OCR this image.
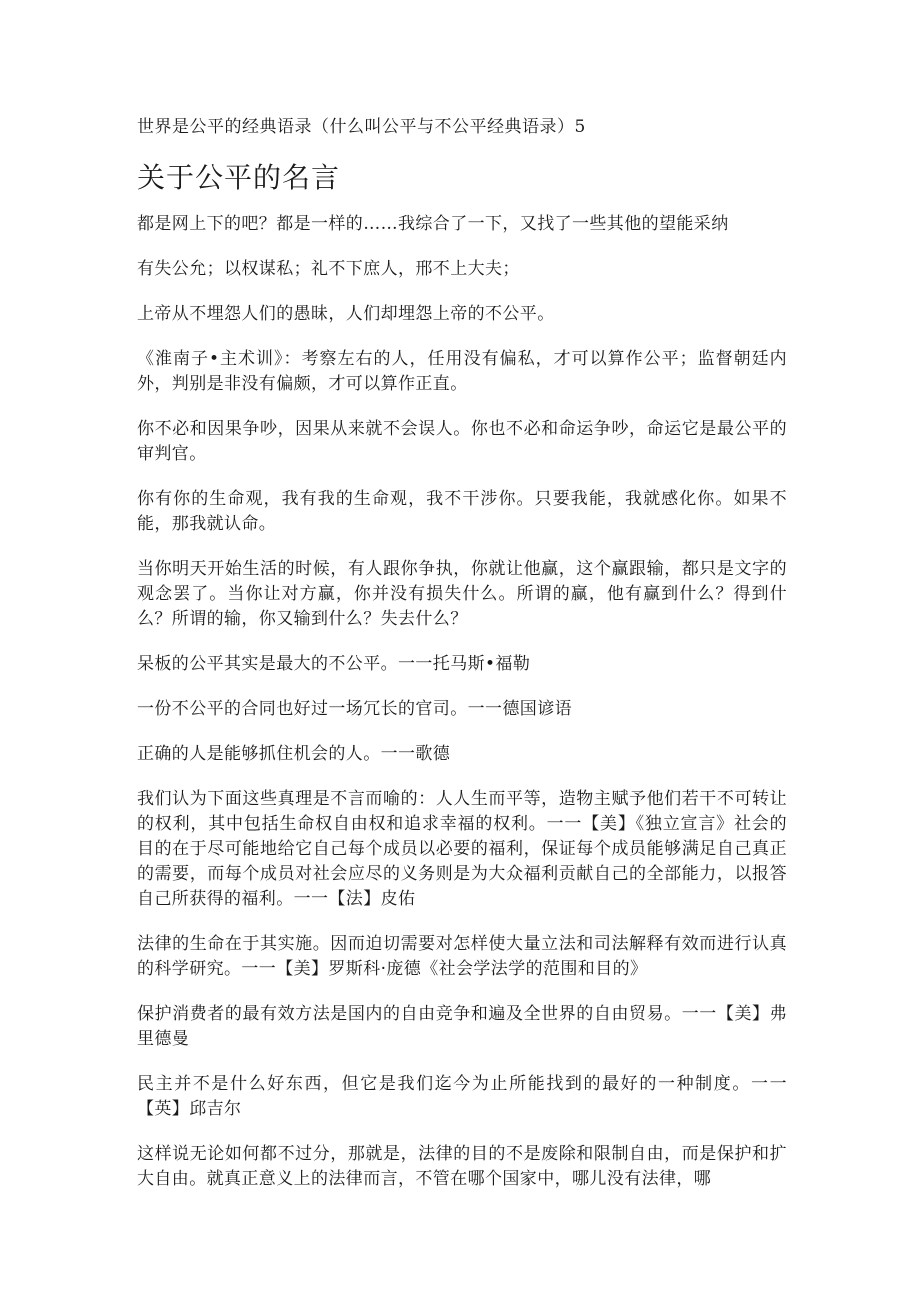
世界是公平的经典语录（什么叫公平与不公平经典语录）5
关于公平的名言

都是网上下的吧？都是一样的……我综合了一下，又找了一些其他的望能采纳

有失公允；以权谋私；礼不下庶人，邢不上大夫；

上帝从不埋怨人们的愚昧，人们却埋怨上帝的不公平。

《淮南子•主术训》：考察左右的人，任用没有偏私，才可以算作公平；监督朝廷内外，判别是非没有偏颇，才可以算作正直。

你不必和因果争吵，因果从来就不会误人。你也不必和命运争吵，命运它是最公平的审判官。

你有你的生命观，我有我的生命观，我不干涉你。只要我能，我就感化你。如果不能，那我就认命。

当你明天开始生活的时候，有人跟你争执，你就让他赢，这个赢跟输，都只是文字的观念罢了。当你让对方赢，你并没有损失什么。所谓的赢，他有赢到什么？得到什么？所谓的输，你又输到什么？失去什么？

呆板的公平其实是最大的不公平。一一托马斯•福勒

一份不公平的合同也好过一场冗长的官司。一一德国谚语

正确的人是能够抓住机会的人。一一歌德

我们认为下面这些真理是不言而喻的：人人生而平等，造物主赋予他们若干不可转让的权利，其中包括生命权自由权和追求幸福的权利。一一【美】《独立宣言》社会的目的在于尽可能地给它自己每个成员以必要的福利，保证每个成员能够满足自己真正的需要，而每个成员对社会应尽的义务则是为大众福利贡献自己的全部能力，以报答自己所获得的福利。一一【法】皮佑

法律的生命在于其实施。因而迫切需要对怎样使大量立法和司法解释有效而进行认真的科学研究。一一【美】罗斯科·庞德《社会学法学的范围和目的》

保护消费者的最有效方法是国内的自由竞争和遍及全世界的自由贸易。一一【美】弗里德曼

民主并不是什么好东西，但它是我们迄今为止所能找到的最好的一种制度。一一【英】邱吉尔

这样说无论如何都不过分，那就是，法律的目的不是废除和限制自由，而是保护和扩大自由。就真正意义上的法律而言，不管在哪个国家中，哪儿没有法律，哪
